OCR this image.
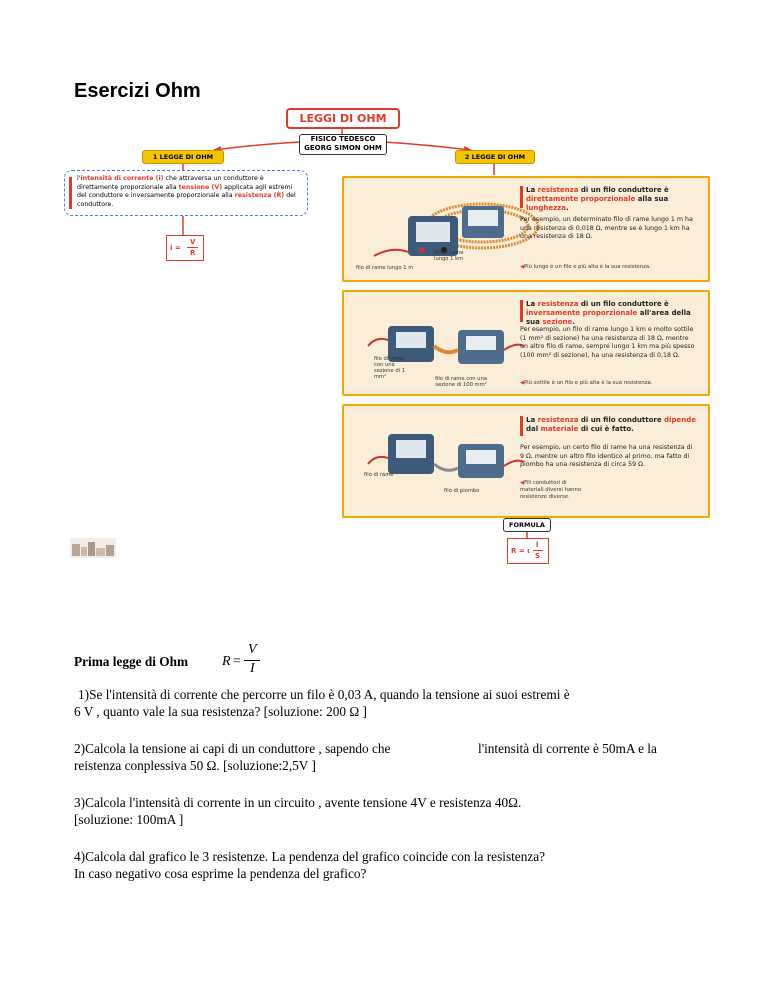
Esercizi Ohm
LEGGI DI OHM
FISICO TEDESCO
GEORG SIMON OHM
1 LEGGE DI OHM	2 LEGGE DI OHM
l'intensità di corrente (i) che attraversa un conduttore è direttamente proporzionale alla tensione (V) applicata agli estremi del conduttore e inversamente proporzionale alla resistenza (R) del conduttore.
i =
V
R
filo di rame lungo 1 m
filo di rame lungo 1 km
La resistenza di un filo conduttore è direttamente proporzionale alla sua lunghezza.
Per esempio, un determinato filo di rame lungo 1 m ha una resistenza di 0,018 Ω, mentre se è lungo 1 km ha una resistenza di 18 Ω.
◀ Più lungo è un filo e più alta è la sua resistenza.
filo di rame con una sezione di 1 mm²	filo di rame con una sezione di 100 mm²
La resistenza di un filo conduttore è inversamente proporzionale all'area della sua sezione.
Per esempio, un filo di rame lungo 1 km e molto sottile (1 mm² di sezione) ha una resistenza di 18 Ω, mentre un altro filo di rame, sempre lungo 1 km ma più spesso (100 mm² di sezione), ha una resistenza di 0,18 Ω.
◀ Più sottile è un filo e più alta è la sua resistenza.
filo di rame
filo di piombo
La resistenza di un filo conduttore dipende dal materiale di cui è fatto.
Per esempio, un certo filo di rame ha una resistenza di 9 Ω, mentre un altro filo identico al primo, ma fatto di piombo ha una resistenza di circa 59 Ω.
◀ Fili conduttori di materiali diversi hanno resistenze diverse.
FORMULA
R = ι
l
S
Prima legge di Ohm R =
V
I
1)Se l'intensità di corrente che percorre un filo è 0,03 A, quando la tensione ai suoi estremi è
6 V , quanto vale la sua resistenza? [soluzione: 200 Ω ]
2)Calcola la tensione ai capi di un conduttore , sapendo che	l'intensità di corrente è 50mA e la
reistenza conplessiva 50 Ω. [soluzione:2,5V ]
3)Calcola l'intensità di corrente in un circuito , avente tensione 4V e resistenza 40Ω.
[soluzione: 100mA ]
4)Calcola dal grafico le 3 resistenze. La pendenza del grafico coincide con la resistenza?
In caso negativo cosa esprime la pendenza del grafico?
